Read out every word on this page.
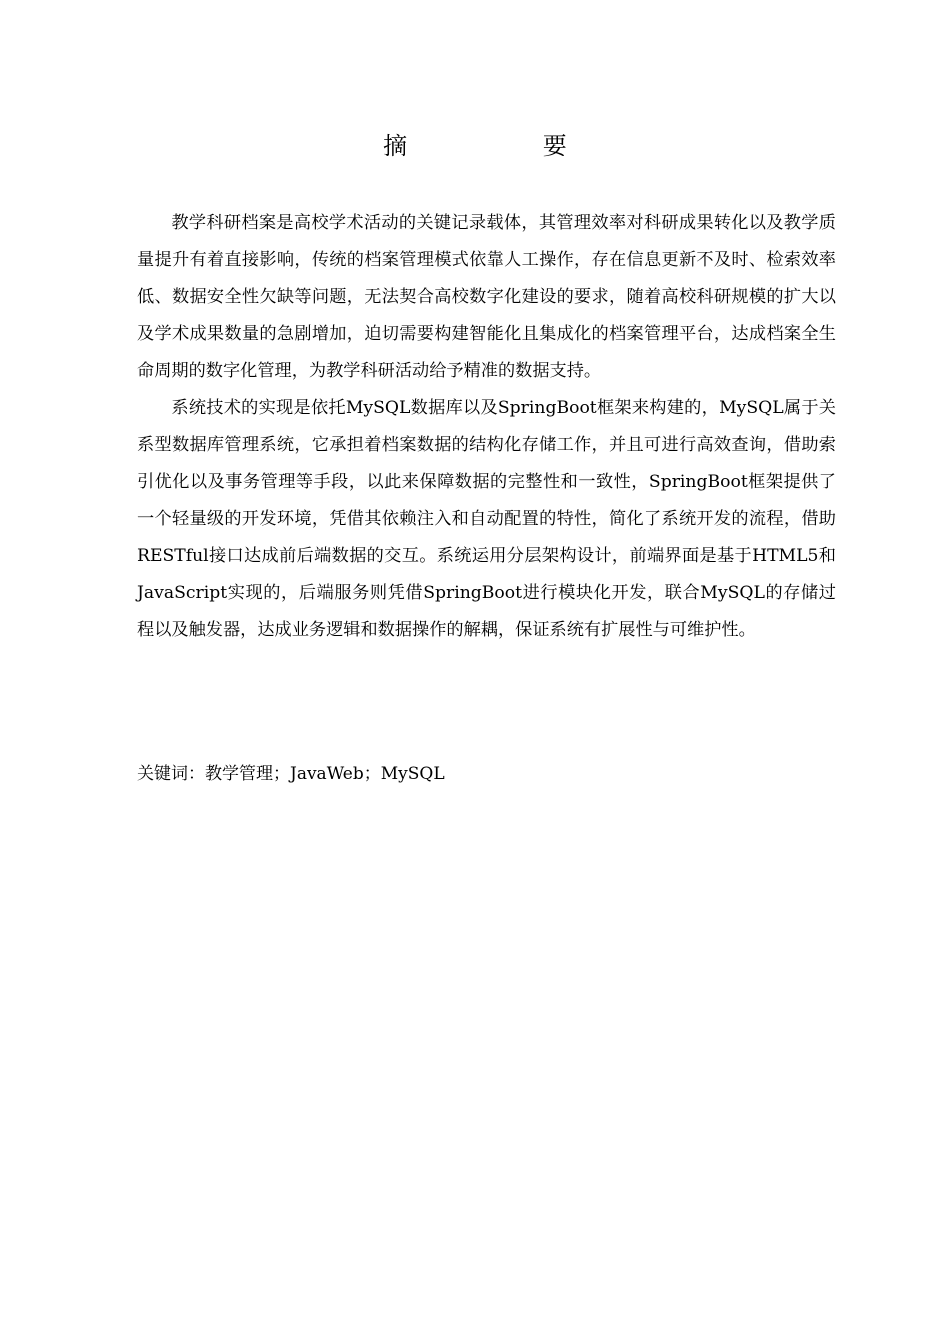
摘 要

教学科研档案是高校学术活动的关键记录载体，其管理效率对科研成果转化以及教学质量提升有着直接影响，传统的档案管理模式依靠人工操作，存在信息更新不及时、检索效率低、数据安全性欠缺等问题，无法契合高校数字化建设的要求，随着高校科研规模的扩大以及学术成果数量的急剧增加，迫切需要构建智能化且集成化的档案管理平台，达成档案全生命周期的数字化管理，为教学科研活动给予精准的数据支持。

系统技术的实现是依托MySQL数据库以及SpringBoot框架来构建的，MySQL属于关系型数据库管理系统，它承担着档案数据的结构化存储工作，并且可进行高效查询，借助索引优化以及事务管理等手段，以此来保障数据的完整性和一致性，SpringBoot框架提供了一个轻量级的开发环境，凭借其依赖注入和自动配置的特性，简化了系统开发的流程，借助RESTful接口达成前后端数据的交互。系统运用分层架构设计，前端界面是基于HTML5和JavaScript实现的，后端服务则凭借SpringBoot进行模块化开发，联合MySQL的存储过程以及触发器，达成业务逻辑和数据操作的解耦，保证系统有扩展性与可维护性。

关键词：教学管理；JavaWeb；MySQL
